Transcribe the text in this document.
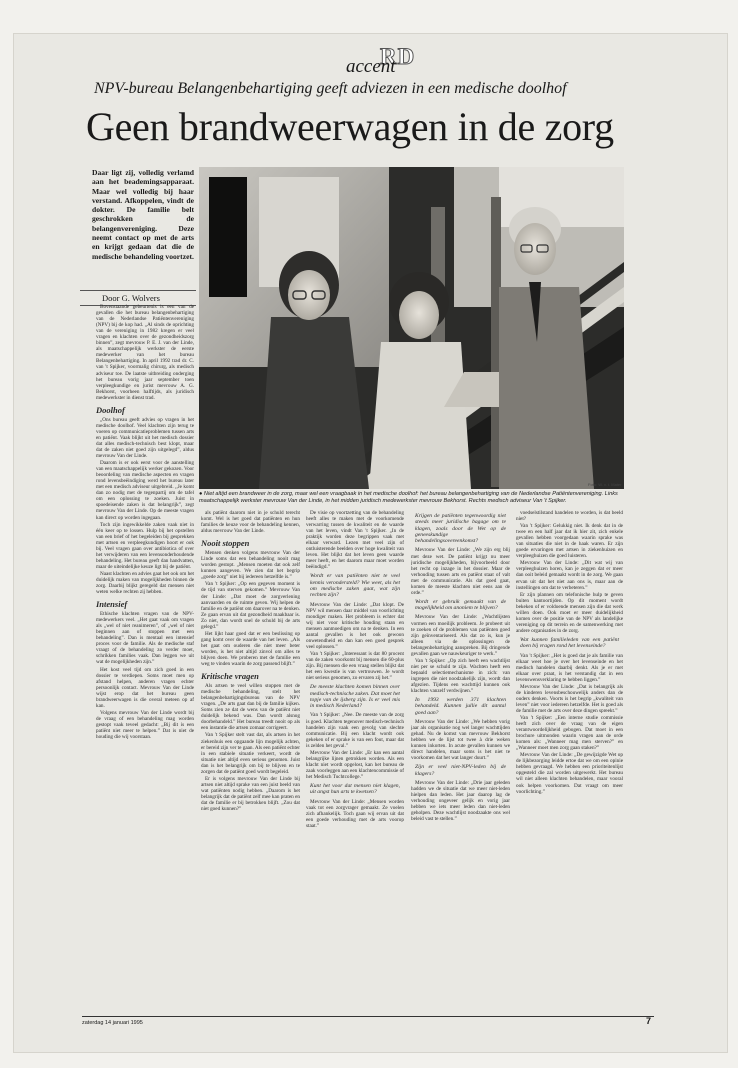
RD
accent
NPV-bureau Belangenbehartiging geeft adviezen in een medische doolhof
Geen brandweerwagen in de zorg
Daar ligt zij, volledig verlamd aan het beademingsapparaat. Maar wel volledig bij haar verstand. Afkoppelen, vindt de dokter. De familie belt geschrokken de belangenvereniging. Deze neemt contact op met de arts en krijgt gedaan dat die de medische behandeling voortzet.
Door G. Wolvers
Foto: W. v. t. Mater
● Niet altijd een brandweer in de zorg, maar wel een vraagbaak in het medische doolhof: het bureau belangenbehartiging van de Nederlandse Patiëntenvereniging. Links maatschappelijk werkster mevrouw Van der Linde, in het midden juridisch medewerkster mevrouw Bekhorst. Rechts medisch adviseur Van 't Spijker.

Bovenstaande gebeurtenis is een van de gevallen die het bureau belangenbehartiging van de Nederlandse Patiëntenvereniging (NPV) bij de kop had. „Al sinds de oprichting van de vereniging in 1982 kregen er veel vragen en klachten over de gezondheidszorg binnen”, zegt mevrouw P. E. J. van der Linde, als maatschappelijk werkster de eerste medewerker van het bureau Belangenbehartiging. In april 1992 trad dr. C. van 't Spijker, voormalig chirurg, als medisch adviseur toe. De laatste uitbreiding onderging het bureau vorig jaar september toen verpleegkundige en jurist mevrouw A. G. Bekhorst, voorheen halftijds, als juridisch medewerkster in dienst trad.

Doolhof

„Ons bureau geeft advies op vragen in het medische doolhof. Veel klachten zijn terug te voeren op communicatieproblemen tussen arts en patiënt. Vaak blijkt uit het medisch dossier dat alles medisch-technisch best klopt, maar dat de zaken niet goed zijn uitgelegd”, aldus mevrouw Van der Linde.

Daarom is er ook eerst voor de aanstelling van een maatschappelijk werker gekozen. Voor beoordeling van medische aspecten en vragen rond levensbeëindiging werd het bureau later met een medisch adviseur uitgebreid. ,,Je komt dan zo nodig met de tegenpartij om de tafel om een oplossing te zoeken. Juist in spoedeisende zaken is dat belangrijk”, zegt mevrouw Van der Linde. Op de meeste vragen kan direct op worden ingegaan.

Toch zijn ingewikkelde zaken vaak niet in één keer op te lossen. Hulp bij het opstellen van een brief of het begeleiden bij gesprekken met artsen en verpleegkundigen hoort er ook bij. Veel vragen gaan over antibiotica of over het verwijderen van een levensonderhoudende behandeling. Het bureau geeft dan handvatten, maar de uiteindelijke keuze ligt bij de patiënt.

Naast klachten en advies gaat het ook om het duidelijk maken van mogelijkheden binnen de zorg. Daarbij blijkt geregeld dat mensen niet weten welke rechten zij hebben.

Intensief

Ethische klachten vragen van de NPV-medewerkers veel. „Het gaat vaak om vragen als „wel of niet reanimeren”, of „wel of niet beginnen aan of stoppen met een behandeling”. Dan is mentaal een intensief proces voor de familie. Als de medische staf vraagt of de behandeling zo verder moet, schrikken families vaak. Dan leggen we uit wat de mogelijkheden zijn.”

Het kost veel tijd om zich goed in een dossier te verdiepen. Soms moet men op afstand helpen, anderen vragen echter persoonlijk contact. Mevrouw Van der Linde wijst erop dat het bureau geen brandweerwagen is die overal meteen op af kan.

Volgens mevrouw Van der Linde wordt bij de vraag of een behandeling mag worden gestopt vaak teveel gedacht: „Bij dit is een patiënt niet meer te helpen.” Dat is niet de houding die wij voorstaan.

als patiënt daarom niet in je schuld terecht komt. Wel is het goed dat patiënten en hun families de keuze voor de behandeling kennen, aldus mevrouw Van der Linde.

Nooit stoppen

Mensen denken volgens mevrouw Van der Linde soms dat een behandeling nooit mag worden gestopt. „Mensen moeten dat ook zelf kunnen aangeven. We zien dat het begrip „goede zorg” niet bij iedereen hetzelfde is.”

Van 't Spijker: „Op een gegeven moment is de tijd van sterven gekomen.” Mevrouw Van der Linde: „Dat moet de zorgverlening aanvaarden en de ruimte geven. Wij helpen de familie en de patiënt om daarover na te denken. Ze gaan ervan uit dat gezondheid maakbaar is. Zo niet, dan wordt snel de schuld bij de arts gelegd.”

Het lijkt haar goed dat er een beslissing op gang komt over de waarde van het leven. „Als het gaat om ouderen die niet meer beter worden, is het niet altijd zinvol om alles te blijven doen. We proberen met de familie een weg te vinden waarin de zorg passend blijft.”

Kritische vragen

Als artsen te veel willen stoppen met de medische behandeling, stelt het belangenbehartigingsbureau van de NPV vragen. „De arts gaat dan bij de familie kijken. Soms zien ze dat de wens van de patiënt niet duidelijk bekend was. Dan wordt alsnog doorbehandeld.” Het bureau treedt nooit op als een instantie die artsen zomaar corrigeert.

Van 't Spijker stelt vast dat, als artsen in het ziekenhuis een opgaande lijn mogelijk achten, er bereid zijn ver te gaan. Als een patiënt echter in een stabiele situatie verkeert, wordt de situatie niet altijd even serieus genomen. Juist dan is het belangrijk om bij te blijven en te zorgen dat de patiënt goed wordt begeleid.

Er is volgens mevrouw Van der Linde bij artsen niet altijd sprake van een juist beeld van wat patiënten nodig hebben. „Daarom is het belangrijk dat de patiënt zelf mee kan praten en dat de familie er bij betrokken blijft. „Zou dat niet goed kunnen?”

De visie op voortzetting van de behandeling heeft alles te maken met de voorkomende verwarring tussen de kwaliteit en de waarde van het leven, vindt Van 't Spijker. „In de praktijk worden deze begrippen vaak met elkaar verward. Lezen met veel zijn of ontluisterende beelden over hoge kwaliteit van leven. Het blijkt dat het leven geen waarde meer heeft, en het daarom maar moet worden beëindigd.”

Wordt er van patiënten niet te veel kennis verondersteld? Wie weet, als het om medische zaken gaat, wat zijn rechten zijn?

Mevrouw Van der Linde: „Dat klopt. De NPV wil mensen daar middel van voorlichting mondiger maken. Het probleem is echter dat wij niet voor kritische houding staan en mensen aanmoedigen om na te denken. In een aantal gevallen is het ook gewoon onwetendheid en dan kan een goed gesprek veel oplossen.”

Van 't Spijker: „Interessant is dat 80 procent van de zaken voorkomt bij mensen die 60-plus zijn. Bij mensen die een vraag stellen blijkt dat het een kwestie is van vertrouwen. Je wordt niet serieus genomen, zo ervaren zij het.”

De meeste klachten komen binnen over medisch-technische zaken. Dat moet het topje van de ijsberg zijn. Is er veel mis in medisch Nederland?

Van 't Spijker: „Nee. De meeste van de zorg is goed. Klachten tegenover medisch-technisch handelen zijn vaak een gevolg van slechte communicatie. Bij een klacht wordt ook gekeken of er sprake is van een fout, maar dat is zelden het geval.”

Mevrouw Van der Linde: „Er kan een aantal belangrijke lijnen getrokken worden. Als een klacht niet wordt opgelost, kan het bureau de zaak voorleggen aan een klachtencommissie of het Medisch Tuchtcollege.”

Kunt het voor dat mensen niet klagen, uit angst hun arts te kwetsen?

Mevrouw Van der Linde: „Mensen worden vaak tot een zorgvrager gemaakt. Ze voelen zich afhankelijk. Toch gaan wij ervan uit dat een goede verhouding met de arts voorop staat.”

Krijgen de patiënten tegenwoordig niet steeds meer juridische bagage om te klagen, zoals door de Wet op de geneeskundige behandelingsovereenkomst?

Mevrouw Van der Linde: „We zijn erg blij met deze wet. De patiënt krijgt nu meer juridische mogelijkheden, bijvoorbeeld door het recht op inzage in het dossier. Maar de verhouding tussen arts en patiënt staat of valt met de communicatie. Als dat goed gaat, komen de meeste klachten niet eens aan de orde.”

Wordt er gebruik gemaakt van de mogelijkheid om anoniem te blijven?

Mevrouw Van der Linde: „Wachtlijsten vormen een moeilijk probleem. Je probeert uit te zoeken of de problemen van patiënten goed zijn geïnventariseerd. Als dat zo is, kun je alleen via de oplossingen de belangenbehartiging aanspreken. Bij dringende gevallen gaan we nauwkeuriger te werk.”

Van 't Spijker: „Op zich heeft een wachtlijst niet per se schuld te zijn. Wachten heeft een bepaald selectiemechanisme in zich: van ingrepen die niet noodzakelijk zijn, wordt dan afgezien. Tijdens een wachttijd kunnen ook klachten vanzelf verdwijnen.”

In 1993 werden 371 klachten behandeld. Kunnen jullie dit aantal goed aan?

Mevrouw Van der Linde: „We hebben vorig jaar als organisatie nog wel langer wachttijden gehad. Nu de komst van mevrouw Bekhorst hebben we de lijst tot twee à drie weken kunnen inkorten. In acute gevallen kunnen we direct handelen, maar soms is het niet te voorkomen dat het wat langer duurt.”

Zijn er veel niet-NPV-leden bij de klagers?

Mevrouw Van der Linde: „Drie jaar geleden hadden we de situatie dat we meer niet-leden hielpen dan leden. Het jaar daarop lag de verhouding ongeveer gelijk en vorig jaar hebben we iets meer leden dan niet-leden geholpen. Deze wachtlijst noodzaakte ons wel beleid vast te stellen.”

voedselstilstand handelen te worden, is dat beeld niet?

Van 't Spijker: Gelukkig niet. Ik denk dat in de twee en een half jaar dat ik hier zit, zich enkele gevallen hebben voorgedaan waarin sprake was van situaties die niet in de haak waren. Er zijn goede ervaringen met artsen in ziekenhuizen en verpleeghuizen die goed luisteren.

Mevrouw Van der Linde: „Dit wat wij van verpleeghuizen horen, kan je zeggen dat er meer dan ooit beleid gemaakt wordt in de zorg. We gaan ervan uit dat het niet aan ons is, maar aan de instellingen om dat te verbeteren.”

Er zijn plannen om telefonische hulp te geven buiten kantoortijden. Op dit moment wordt bekeken of er voldoende mensen zijn die dat werk willen doen. Ook moet er meer duidelijkheid komen over de positie van de NPV als landelijke vereniging op dit terrein en de samenwerking met andere organisaties in de zorg.

Wat kunnen familieleden van een patiënt doen bij vragen rond het levenseinde?

Van 't Spijker: „Het is goed dat je als familie van elkaar weet hoe je over het levenseinde en het medisch handelen daarbij denkt. Als je er met elkaar over praat, is het verstandig dat in een levenswensverklaring te hebben liggen.”

Mevrouw Van der Linde: „Dat is belangrijk als de kinderen levensbeschouwelijk anders dan de ouders denken. Voorts is het begrip „kwaliteit van leven” niet voor iedereen hetzelfde. Het is goed als de familie met de arts over deze dingen spreekt.”

Van 't Spijker: „Een interne studie commissie heeft zich over de vraag van de eigen verantwoordelijkheid gebogen. Dat moet in een brochure uitmonden waarin vragen aan de orde komen als: „Wanneer mag men sterven?” en „Wanneer moet men zorg gaan staken?”

Mevrouw Van der Linde: „De gewijzigde Wet op de lijkbezorging leidde ertoe dat we om een opinie hebben gevraagd. We hebben een prioriteitenlijst opgesteld die zal worden uitgewerkt. Het bureau wil niet alleen klachten behandelen, maar vooral ook helpen voorkomen. Dat vraagt om meer voorlichting.”

zaterdag 14 januari 1995	7
